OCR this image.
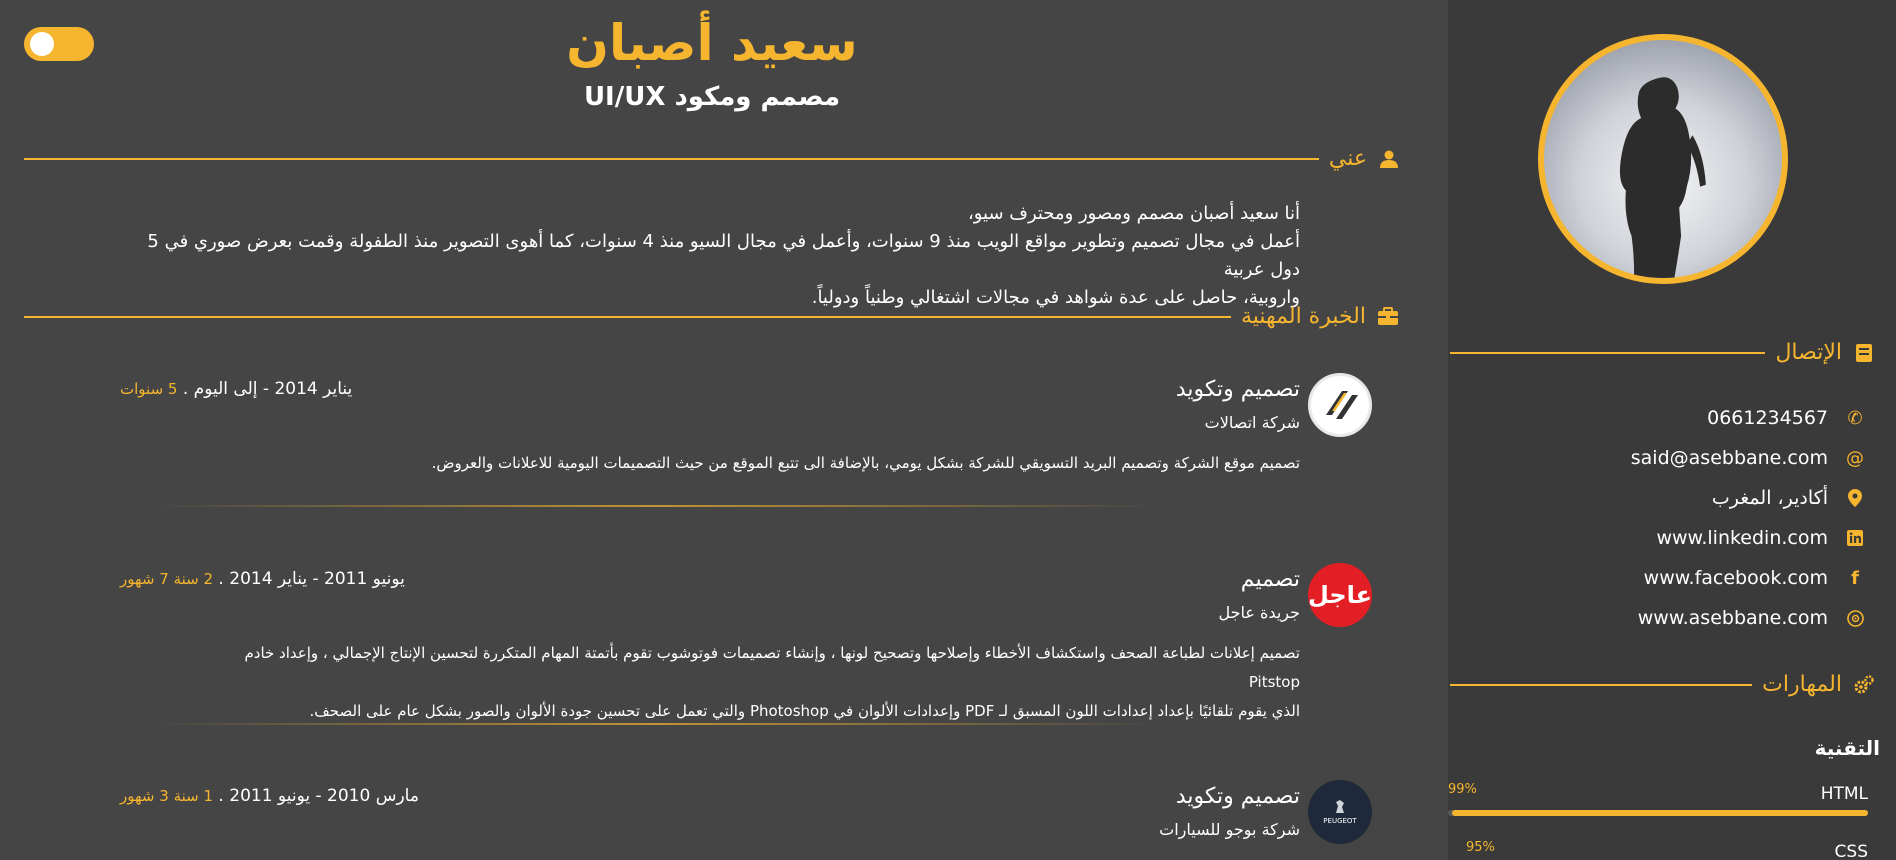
الإتصال
✆
0661234567
@
said@asebbane.com
أكادير، المغرب
www.linkedin.com
f
www.facebook.com
www.asebbane.com
المهارات
التقنية
HTML
99%
CSS
95%
سعيد أصبان
مصمم ومكود UI/UX
عني
أنا سعيد أصبان مصمم ومصور ومحترف سيو،
أعمل في مجال تصميم وتطوير مواقع الويب منذ 9 سنوات، وأعمل في مجال السيو منذ 4 سنوات، كما أهوى التصوير منذ الطفولة وقمت بعرض صوري في 5 دول عربية
واروبية، حاصل على عدة شواهد في مجالات اشتغالي وطنياً ودولياً.
الخبرة المهنية
تصميم وتكويد
شركة اتصالات
يناير 2014 - إلى اليوم . 5 سنوات
تصميم موقع الشركة وتصميم البريد التسويقي للشركة بشكل يومي، بالإضافة الى تتبع الموقع من حيث التصميمات اليومية للاعلانات والعروض.
عاجل
تصميم
جريدة عاجل
يونيو 2011 - يناير 2014 . 2 سنة 7 شهور
تصميم إعلانات لطباعة الصحف واستكشاف الأخطاء وإصلاحها وتصحيح لونها ، وإنشاء تصميمات فوتوشوب تقوم بأتمتة المهام المتكررة لتحسين الإنتاج الإجمالي ، وإعداد خادم Pitstop
الذي يقوم تلقائيًا بإعداد إعدادات اللون المسبق لـ PDF وإعدادات الألوان في Photoshop والتي تعمل على تحسين جودة الألوان والصور بشكل عام على الصحف.
PEUGEOT
تصميم وتكويد
شركة بوجو للسيارات
مارس 2010 - يونيو 2011 . 1 سنة 3 شهور
